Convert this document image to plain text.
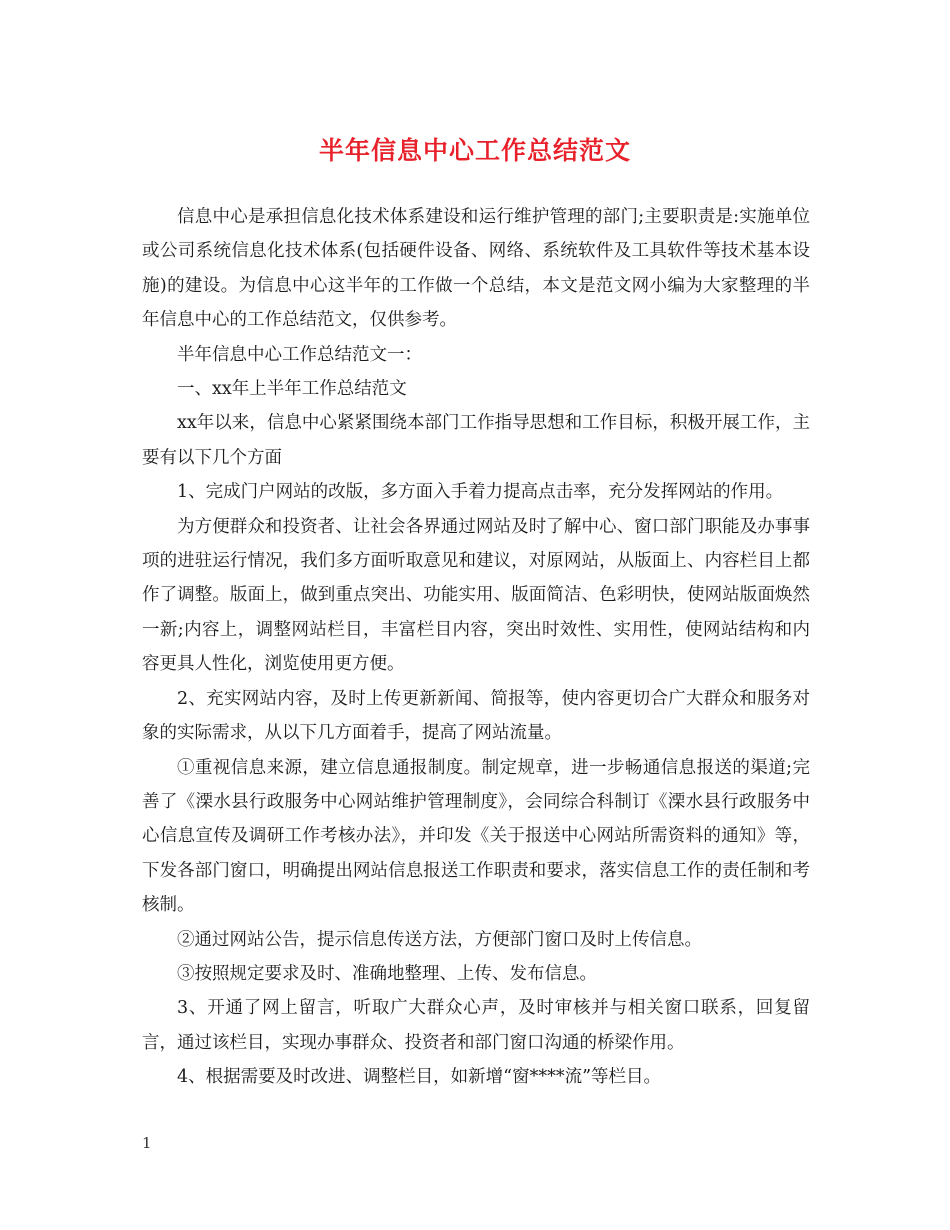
半年信息中心工作总结范文

信息中心是承担信息化技术体系建设和运行维护管理的部门;主要职责是:实施单位或公司系统信息化技术体系(包括硬件设备、网络、系统软件及工具软件等技术基本设施)的建设。为信息中心这半年的工作做一个总结，本文是范文网小编为大家整理的半年信息中心的工作总结范文，仅供参考。

半年信息中心工作总结范文一：

一、xx年上半年工作总结范文

xx年以来，信息中心紧紧围绕本部门工作指导思想和工作目标，积极开展工作，主要有以下几个方面

1、完成门户网站的改版，多方面入手着力提高点击率，充分发挥网站的作用。

为方便群众和投资者、让社会各界通过网站及时了解中心、窗口部门职能及办事事项的进驻运行情况，我们多方面听取意见和建议，对原网站，从版面上、内容栏目上都作了调整。版面上，做到重点突出、功能实用、版面简洁、色彩明快，使网站版面焕然一新;内容上，调整网站栏目，丰富栏目内容，突出时效性、实用性，使网站结构和内容更具人性化，浏览使用更方便。

2、充实网站内容，及时上传更新新闻、简报等，使内容更切合广大群众和服务对象的实际需求，从以下几方面着手，提高了网站流量。

①重视信息来源，建立信息通报制度。制定规章，进一步畅通信息报送的渠道;完善了《溧水县行政服务中心网站维护管理制度》，会同综合科制订《溧水县行政服务中心信息宣传及调研工作考核办法》，并印发《关于报送中心网站所需资料的通知》等，下发各部门窗口，明确提出网站信息报送工作职责和要求，落实信息工作的责任制和考核制。

②通过网站公告，提示信息传送方法，方便部门窗口及时上传信息。

③按照规定要求及时、准确地整理、上传、发布信息。

3、开通了网上留言，听取广大群众心声，及时审核并与相关窗口联系，回复留言，通过该栏目，实现办事群众、投资者和部门窗口沟通的桥梁作用。

4、根据需要及时改进、调整栏目，如新增“窗****流”等栏目。

1
